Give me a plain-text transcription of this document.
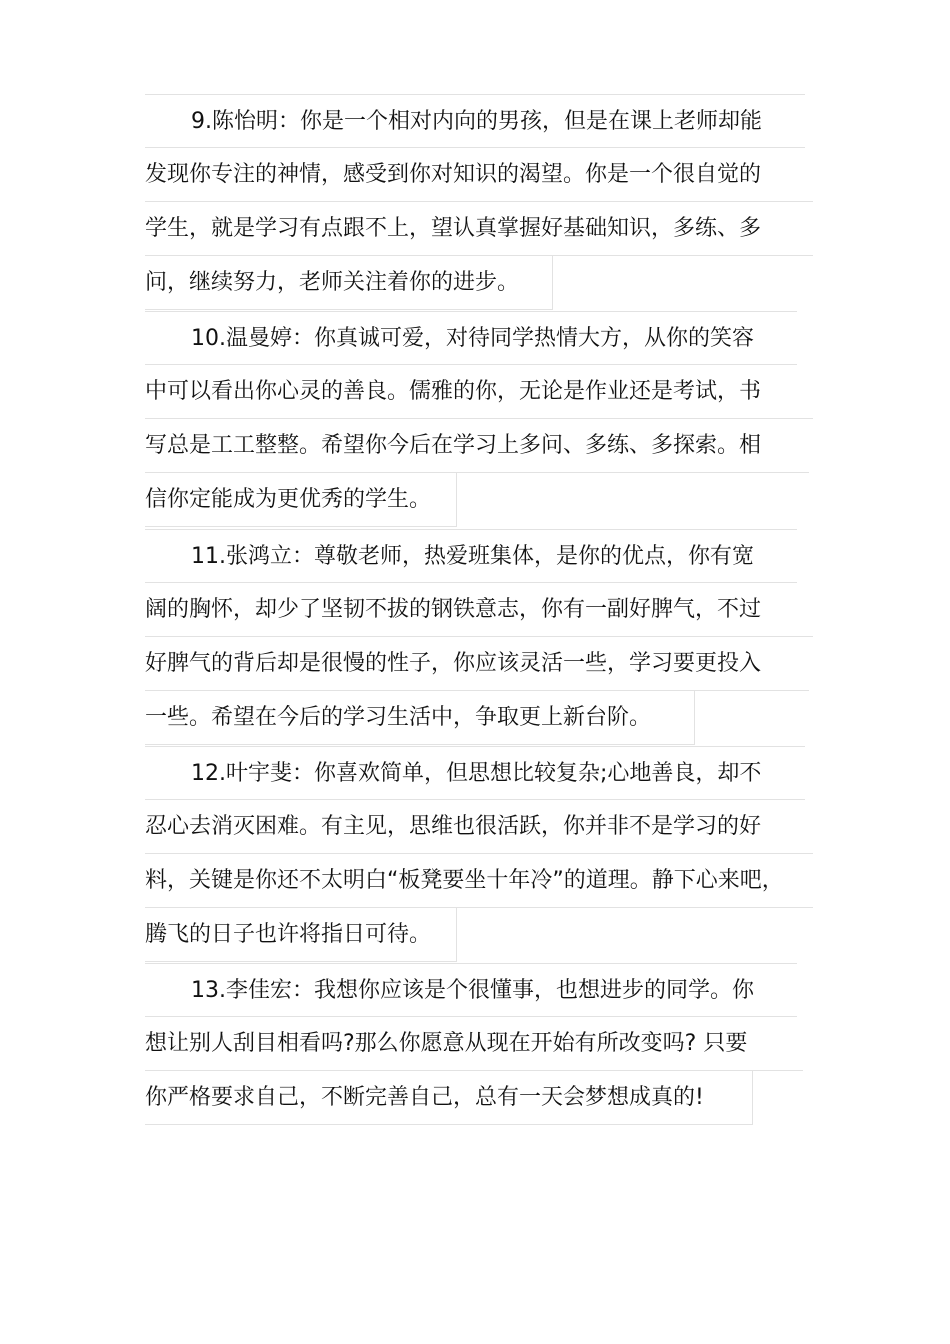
9.陈怡明：你是一个相对内向的男孩，但是在课上老师却能
发现你专注的神情，感受到你对知识的渴望。你是一个很自觉的
学生，就是学习有点跟不上，望认真掌握好基础知识，多练、多
问，继续努力，老师关注着你的进步。
10.温曼婷：你真诚可爱，对待同学热情大方，从你的笑容
中可以看出你心灵的善良。儒雅的你，无论是作业还是考试，书
写总是工工整整。希望你今后在学习上多问、多练、多探索。相
信你定能成为更优秀的学生。
11.张鸿立：尊敬老师，热爱班集体，是你的优点，你有宽
阔的胸怀，却少了坚韧不拔的钢铁意志，你有一副好脾气，不过
好脾气的背后却是很慢的性子，你应该灵活一些，学习要更投入
一些。希望在今后的学习生活中，争取更上新台阶。
12.叶宇斐：你喜欢简单，但思想比较复杂;心地善良，却不
忍心去消灭困难。有主见，思维也很活跃，你并非不是学习的好
料，关键是你还不太明白“板凳要坐十年冷”的道理。静下心来吧，
腾飞的日子也许将指日可待。
13.李佳宏：我想你应该是个很懂事，也想进步的同学。你
想让别人刮目相看吗?那么你愿意从现在开始有所改变吗? 只要
你严格要求自己，不断完善自己，总有一天会梦想成真的!
